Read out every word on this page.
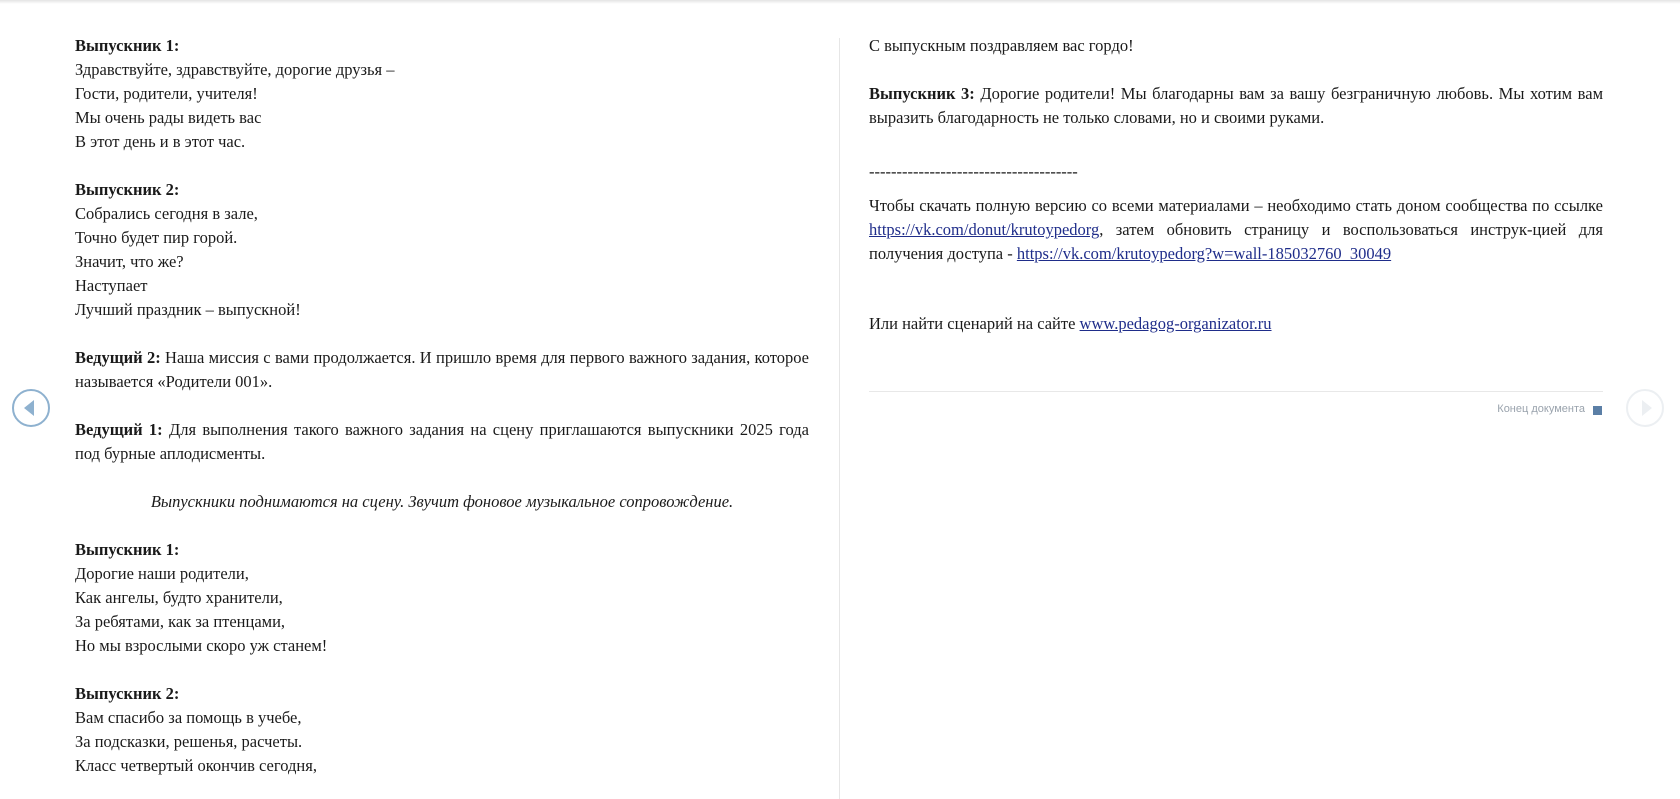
Выпускник 1:
Здравствуйте, здравствуйте, дорогие друзья –
Гости, родители, учителя!
Мы очень рады видеть вас
В этот день и в этот час.

Выпускник 2:
Собрались сегодня в зале,
Точно будет пир горой.
Значит, что же?
Наступает
Лучший праздник – выпускной!

Ведущий 2: Наша миссия с вами продолжается. И пришло время для первого важного задания, которое называется «Родители 001».

Ведущий 1: Для выполнения такого важного задания на сцену приглашаются выпускники 2025 года под бурные аплодисменты.

Выпускники поднимаются на сцену. Звучит фоновое музыкальное сопровождение.

Выпускник 1:
Дорогие наши родители,
Как ангелы, будто хранители,
За ребятами, как за птенцами,
Но мы взрослыми скоро уж станем!

Выпускник 2:
Вам спасибо за помощь в учебе,
За подсказки, решенья, расчеты.
Класс четвертый окончив сегодня,

С выпускным поздравляем вас гордо!

Выпускник 3: Дорогие родители! Мы благодарны вам за вашу безграничную любовь. Мы хотим вам выразить благодарность не только словами, но и своими руками.

--------------------------------------

Чтобы скачать полную версию со всеми материалами – необходимо стать доном сообщества по ссылке https://vk.com/donut/krutoypedorg, затем обновить страницу и воспользоваться инструк-цией для получения доступа - https://vk.com/krutoypedorg?w=wall-185032760_30049

Или найти сценарий на сайте www.pedagog-organizator.ru

Конец документа
